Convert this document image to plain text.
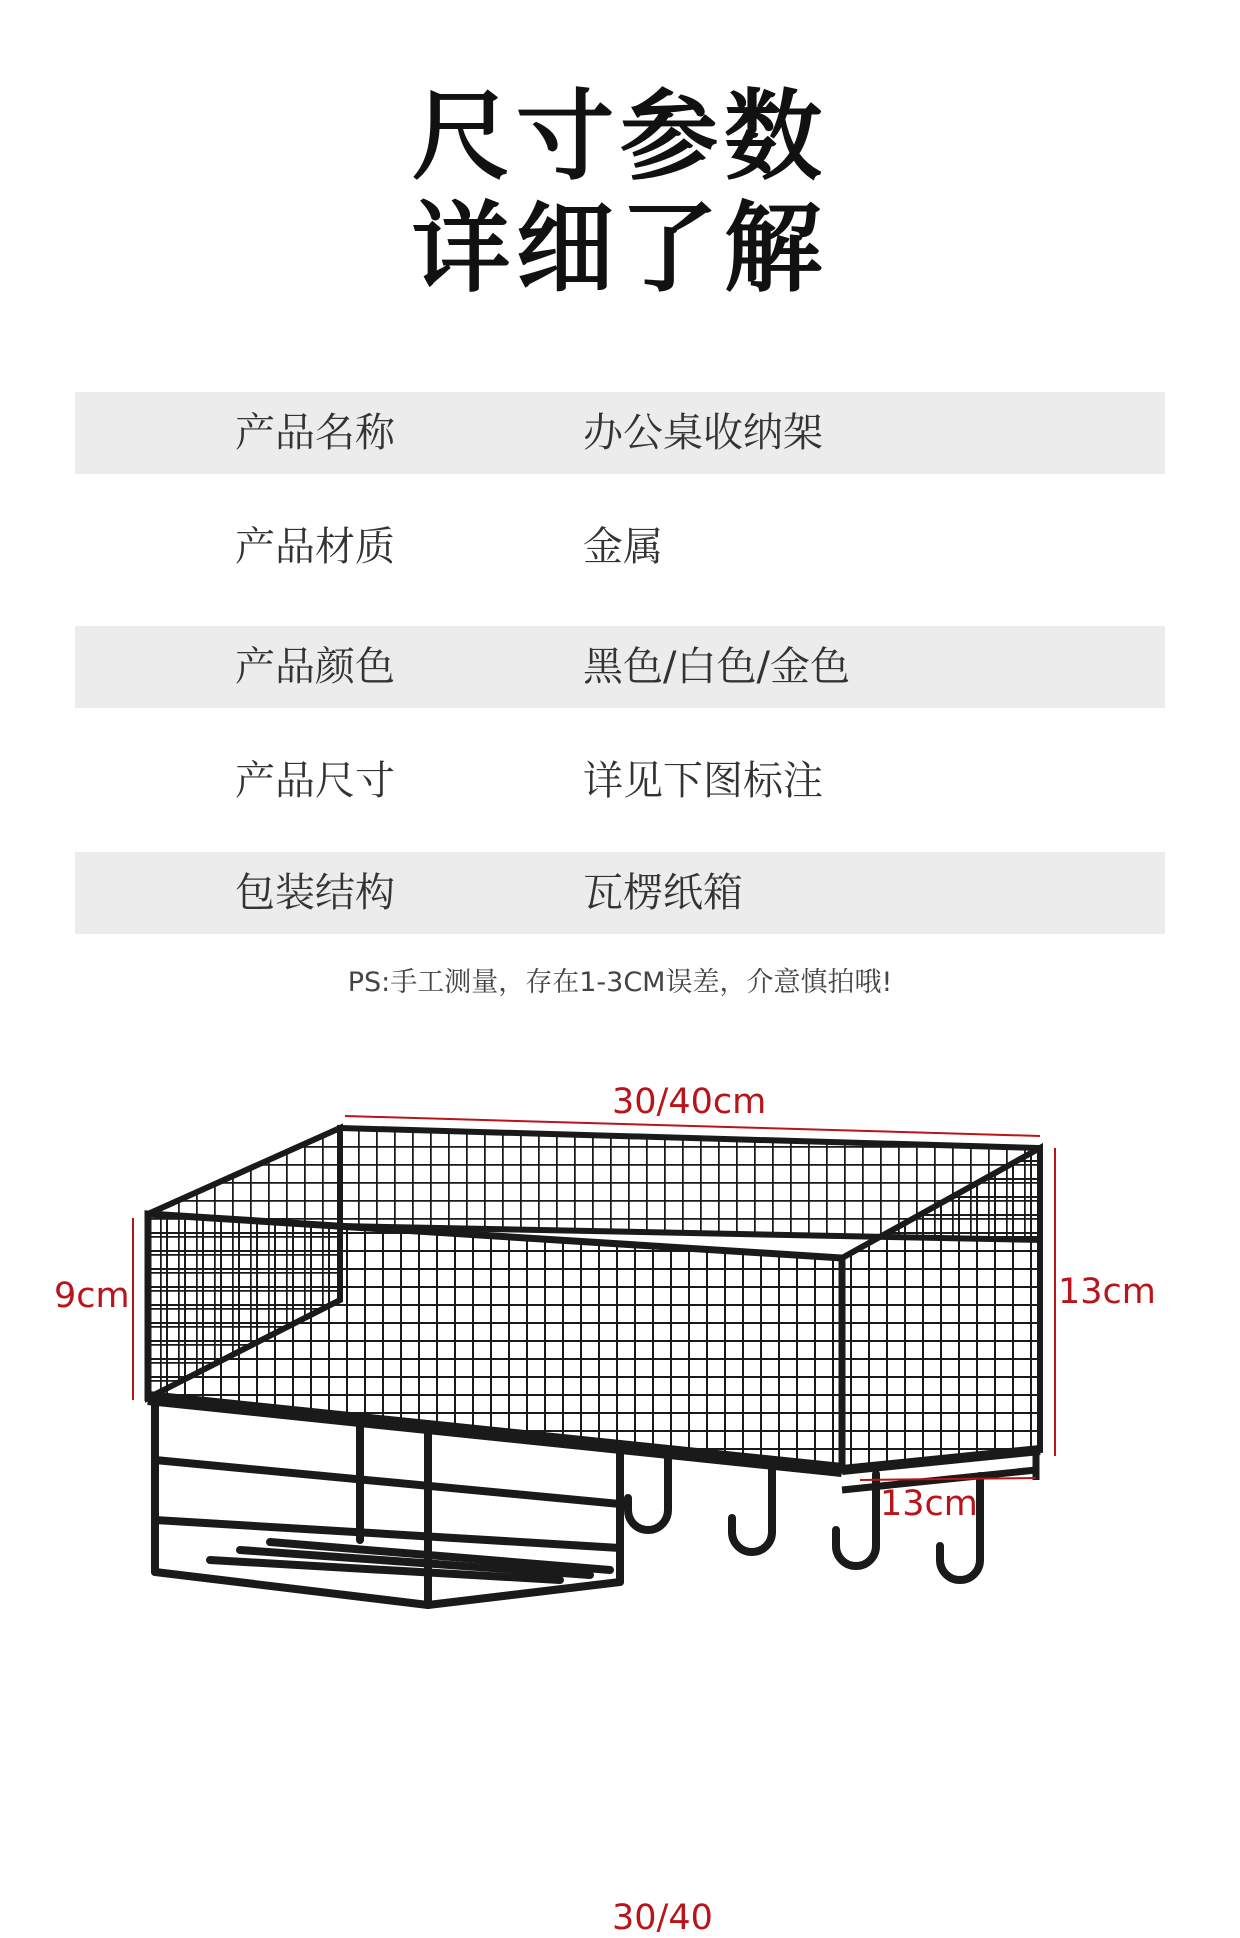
尺寸参数
详细了解
产品名称	办公桌收纳架
产品材质	金属
产品颜色	黑色/白色/金色
产品尺寸	详见下图标注
包装结构	瓦楞纸箱
PS:手工测量，存在1-3CM误差，介意慎拍哦!
30/40cm
9cm	13cm
13cm
30/40
